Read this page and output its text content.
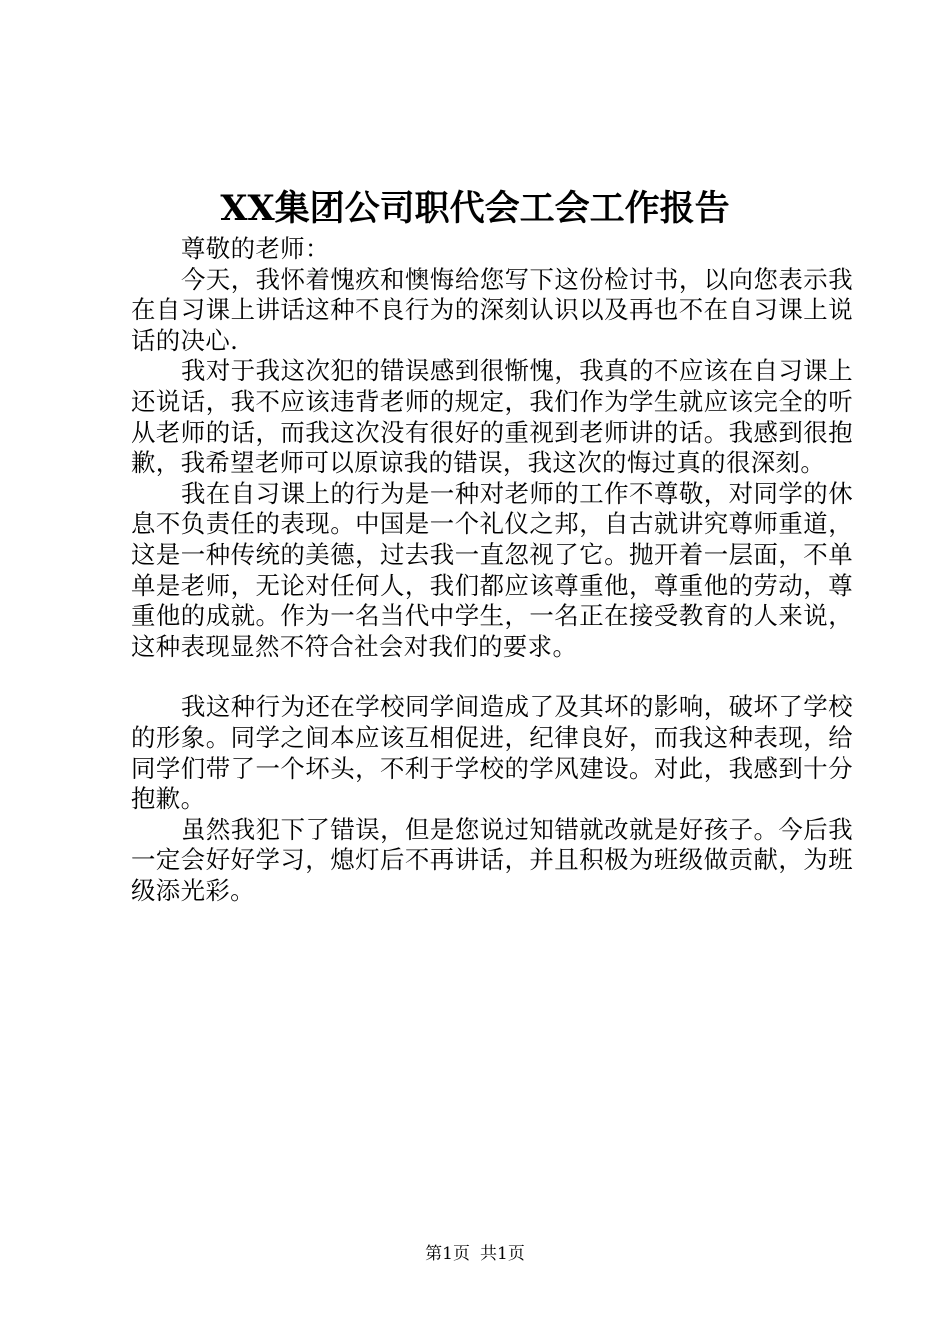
XX集团公司职代会工会工作报告

尊敬的老师：

今天，我怀着愧疚和懊悔给您写下这份检讨书，以向您表示我在自习课上讲话这种不良行为的深刻认识以及再也不在自习课上说话的决心.

我对于我这次犯的错误感到很惭愧，我真的不应该在自习课上还说话，我不应该违背老师的规定，我们作为学生就应该完全的听从老师的话，而我这次没有很好的重视到老师讲的话。我感到很抱歉，我希望老师可以原谅我的错误，我这次的悔过真的很深刻。

我在自习课上的行为是一种对老师的工作不尊敬，对同学的休息不负责任的表现。中国是一个礼仪之邦，自古就讲究尊师重道，这是一种传统的美德，过去我一直忽视了它。抛开着一层面，不单单是老师，无论对任何人，我们都应该尊重他，尊重他的劳动，尊重他的成就。作为一名当代中学生，一名正在接受教育的人来说，这种表现显然不符合社会对我们的要求。

我这种行为还在学校同学间造成了及其坏的影响，破坏了学校的形象。同学之间本应该互相促进，纪律良好，而我这种表现，给同学们带了一个坏头，不利于学校的学风建设。对此，我感到十分抱歉。

虽然我犯下了错误，但是您说过知错就改就是好孩子。今后我一定会好好学习，熄灯后不再讲话，并且积极为班级做贡献，为班级添光彩。

第1页 共1页
